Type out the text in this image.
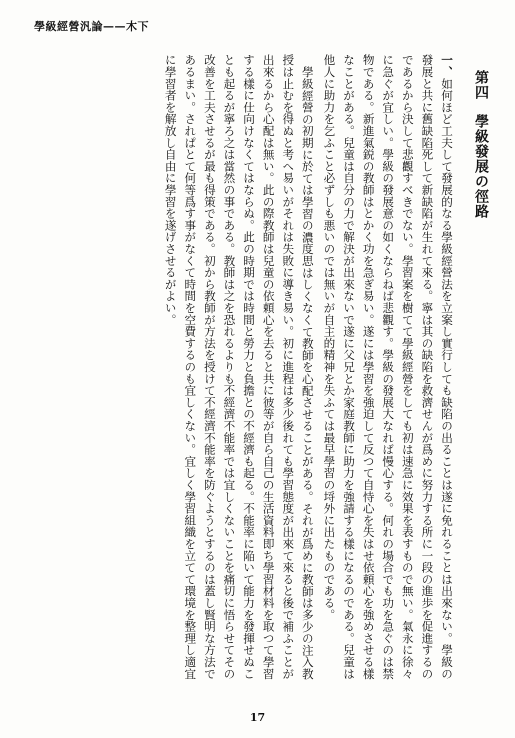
學級經營汎論——木下

第四學級發展の徑路

一、如何ほど工夫して發展的なる學級經營法を立案し實行しても缺陷の出ることは遂に免れることは出來ない。學級の發展と共に舊缺陷死して新缺陷が生れて來る。寧は其の缺陷を救濟せんが爲めに努力する所に一段の進歩を促進するのであるから決して悲觀すべきでない。學習案を樹てて學級經營をしても初は速急に效果を表すもので無い。氣永に徐々に急ぐが宜しい。學級の發展意の如くならねば悲觀す。學級の發展大なれば慢心する。何れの場合でも功を急ぐのは禁物である。新進氣鋭の教師はとかく功を急ぎ易い。遂には學習を強迫して反つて自恃心を失はせ依頼心を強めさせる樣なことがある。兒童は自分の力で解決が出來ないで遂に父兄とか家庭教師に助力を強請する樣になるのである。兒童は他人に助力を乞ふこと必ずしも悪いのでは無いが自主的精神を失ふては最早學習の埒外に出たものである。

學級經營の初期に於ては學習の濃度思はしくなくて教師を心配させることがある。それが爲めに教師は多少の注入教授は止むを得ぬと考へ易いがそれは失敗に導き易い。初に進程は多少後れても學習態度が出來て來ると後で補ふことが出來るから心配は無い。此の際教師は兒童の依頼心を去ると共に彼等が自ら自己の生活資料即ち學習材料を取つて學習する樣に仕向けなくてはならぬ。此の時期では時間と勞力と負擔との不經濟も起る。不能率に陥いて能力を發揮せぬことも起るが寧ろ之は當然の事である。教師は之を恐れるよりも不經濟不能率では宜しくないことを痛切に悟らせてその改善を工夫させるが最も得策である。初から教師が方法を授けて不經濟不能率を防ぐようとするのは蓋し賢明な方法であるまい。されぱとて何等爲す事がなくて時間を空費するのも宜しくない。宜しく學習組織を立てて環境を整理し適宜に學習者を解放し自由に學習を遂げさせるがよい。

17
